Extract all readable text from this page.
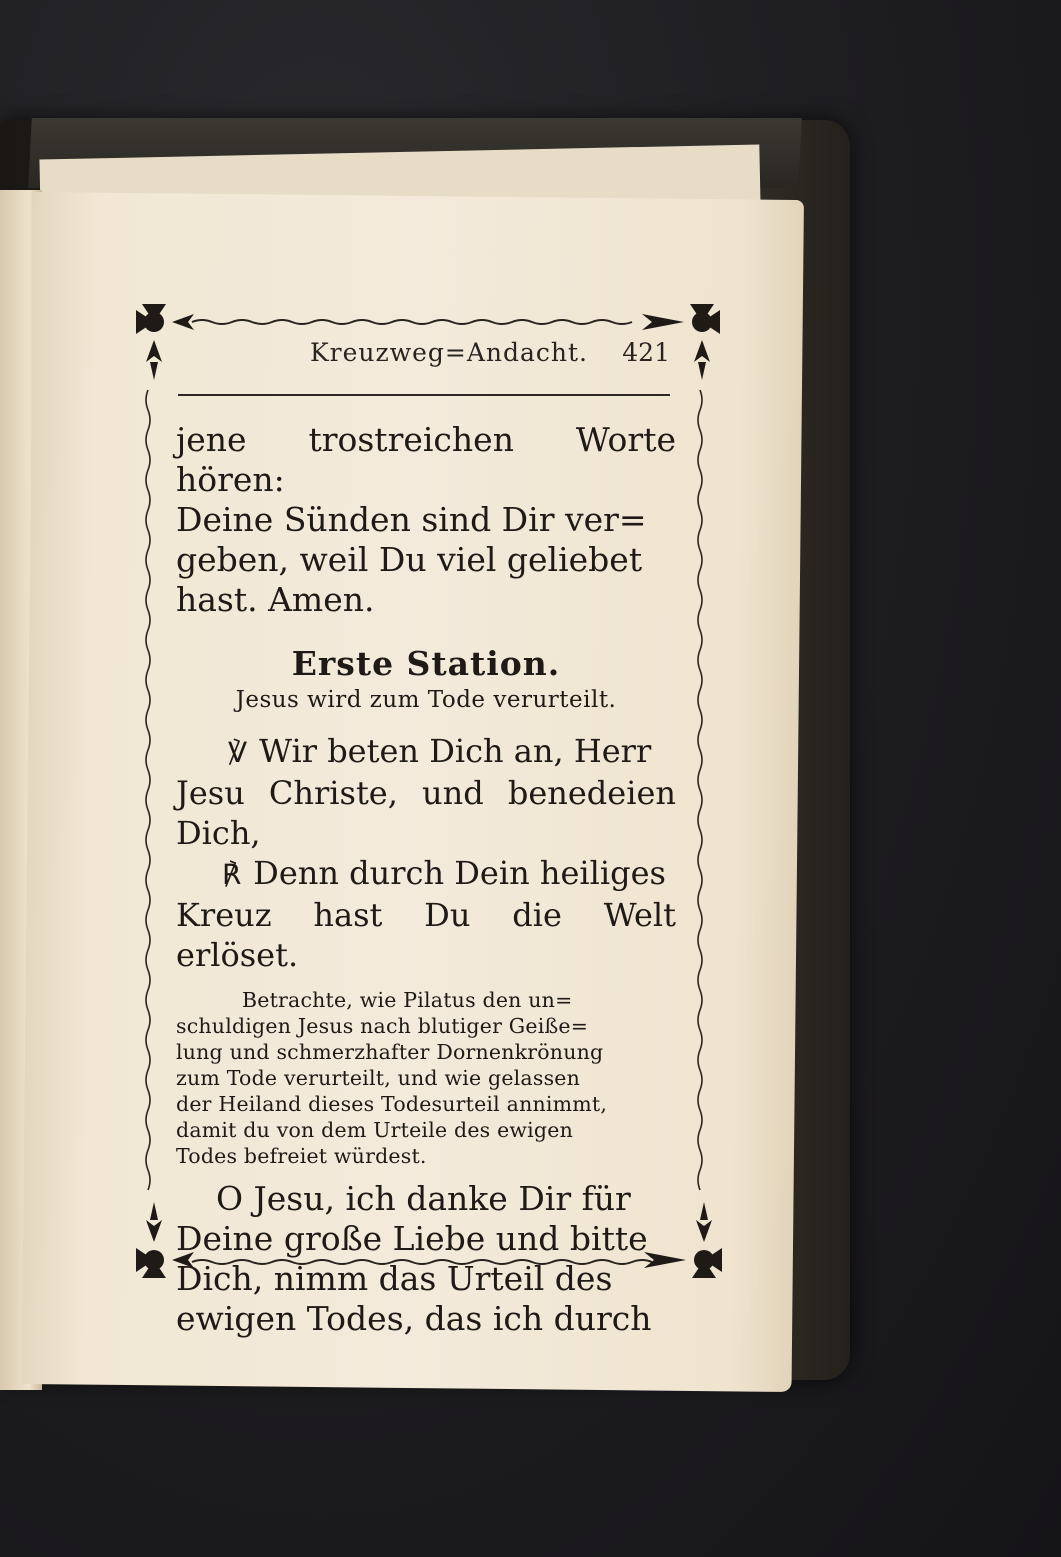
Kreuzweg=Andacht. 421

jene trostreichen Worte hören:
Deine Sünden sind Dir ver=
geben, weil Du viel geliebet
hast. Amen.

Erste Station.
Jesus wird zum Tode verurteilt.

℣ Wir beten Dich an, Herr
Jesu Christe, und benedeien Dich,

℟ Denn durch Dein heiliges
Kreuz hast Du die Welt erlöset.

Betrachte, wie Pilatus den un=
schuldigen Jesus nach blutiger Geiße=
lung und schmerzhafter Dornenkrönung
zum Tode verurteilt, und wie gelassen
der Heiland dieses Todesurteil annimmt,
damit du von dem Urteile des ewigen
Todes befreiet würdest.

O Jesu, ich danke Dir für
Deine große Liebe und bitte
Dich, nimm das Urteil des
ewigen Todes, das ich durch
